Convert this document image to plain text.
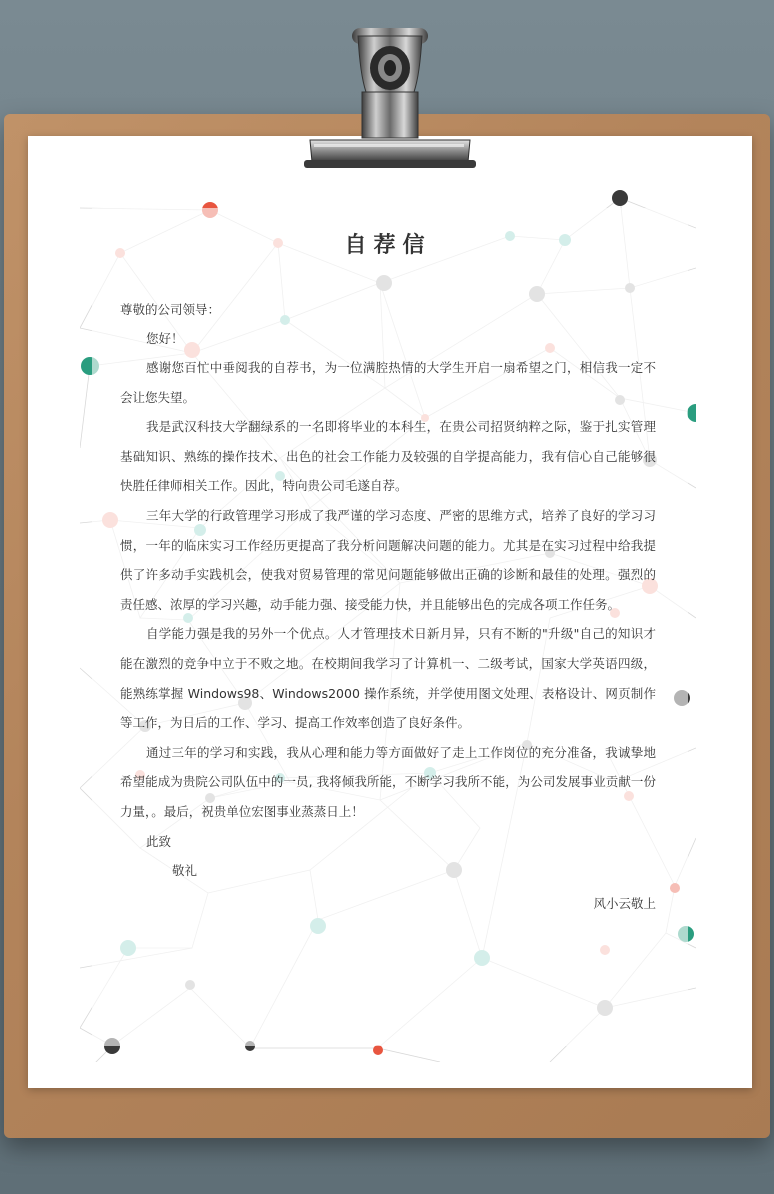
自荐信
尊敬的公司领导：
您好！

感谢您百忙中垂阅我的自荐书，为一位满腔热情的大学生开启一扇希望之门，相信我一定不会让您失望。

我是武汉科技大学翻绿系的一名即将毕业的本科生，在贵公司招贤纳粹之际，鉴于扎实管理基础知识、熟练的操作技术、出色的社会工作能力及较强的自学提高能力，我有信心自己能够很快胜任律师相关工作。因此，特向贵公司毛遂自荐。

三年大学的行政管理学习形成了我严谨的学习态度、严密的思维方式，培养了良好的学习习惯，一年的临床实习工作经历更提高了我分析问题解决问题的能力。尤其是在实习过程中给我提供了许多动手实践机会，使我对贸易管理的常见问题能够做出正确的诊断和最佳的处理。强烈的责任感、浓厚的学习兴趣，动手能力强、接受能力快，并且能够出色的完成各项工作任务。

自学能力强是我的另外一个优点。人才管理技术日新月异，只有不断的"升级"自己的知识才能在激烈的竞争中立于不败之地。在校期间我学习了计算机一、二级考试，国家大学英语四级，能熟练掌握 Windows98、Windows2000 操作系统，并学使用图文处理、表格设计、网页制作等工作，为日后的工作、学习、提高工作效率创造了良好条件。

通过三年的学习和实践，我从心理和能力等方面做好了走上工作岗位的充分准备，我诚挚地希望能成为贵院公司队伍中的一员, 我将倾我所能，不断学习我所不能，为公司发展事业贡献一份力量，。最后，祝贵单位宏图事业蒸蒸日上！

此致
敬礼
风小云敬上
